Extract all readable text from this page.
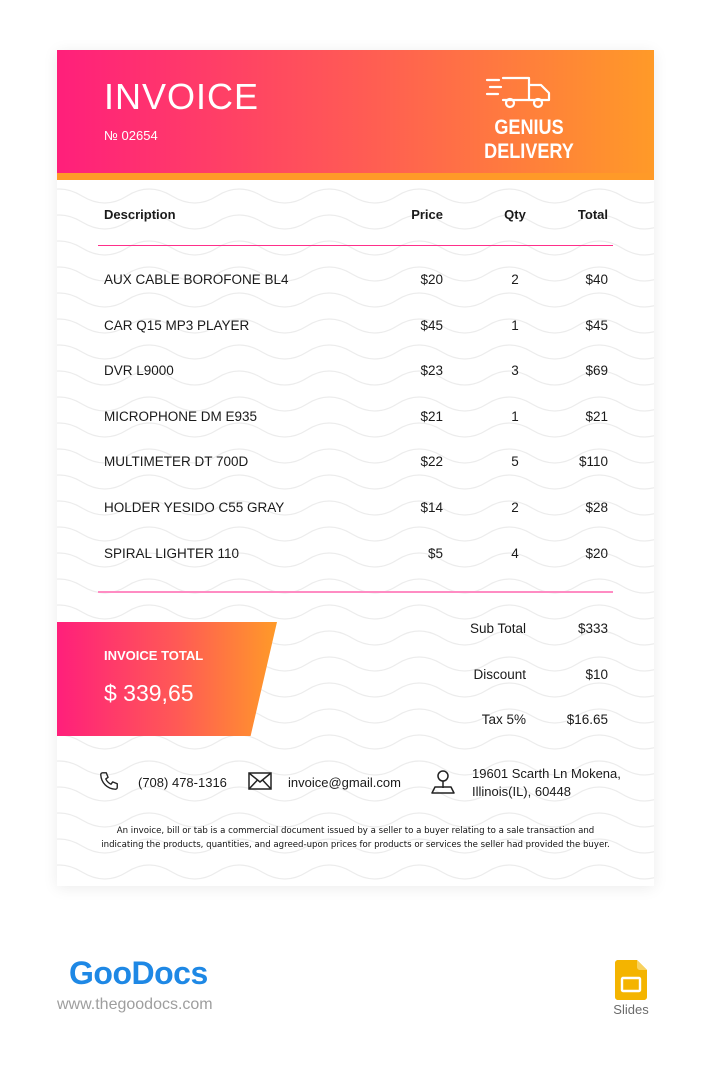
INVOICE
№ 02654	GENIUS DELIVERY
Description	Price	Qty	Total
AUX CABLE BOROFONE BL4	$20	2	$40
CAR Q15 MP3 PLAYER	$45	1	$45
DVR L9000	$23	3	$69
MICROPHONE DM E935	$21	1	$21
MULTIMETER DT 700D	$22	5	$110
HOLDER YESIDO C55 GRAY	$14	2	$28
SPIRAL LIGHTER 110	$5	4	$20
INVOICE TOTAL
$ 339,65
Sub Total	$333
Discount	$10
Tax 5%	$16.65
(708) 478-1316	invoice@gmail.com
19601 Scarth Ln Mokena,
Illinois(IL), 60448
An invoice, bill or tab is a commercial document issued by a seller to a buyer relating to a sale transaction and indicating the products, quantities, and agreed-upon prices for products or services the seller had provided the buyer.
GooDocs
www.thegoodocs.com	Slides
